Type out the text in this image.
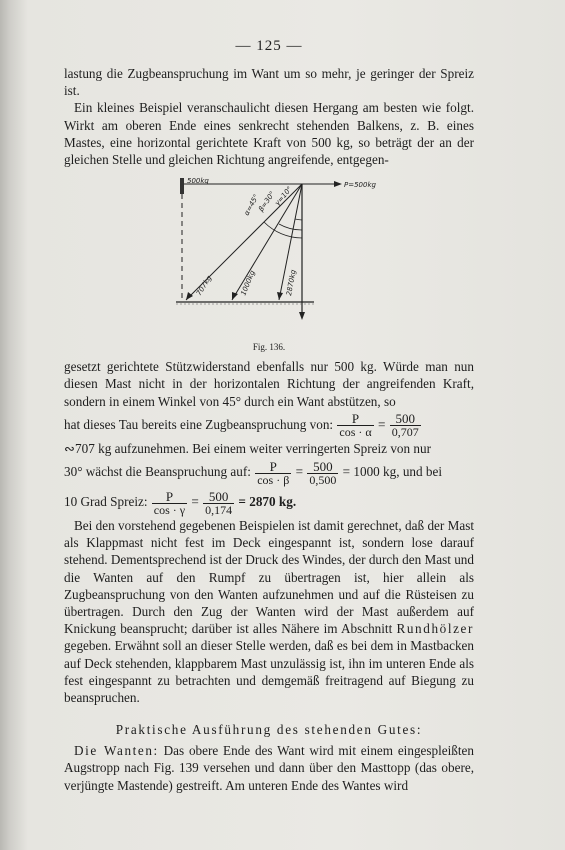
— 125 —

lastung die Zugbeanspruchung im Want um so mehr, je geringer der Spreiz ist.

Ein kleines Beispiel veranschaulicht diesen Hergang am besten wie folgt. Wirkt am oberen Ende eines senkrecht stehenden Balkens, z. B. eines Mastes, eine horizontal gerichtete Kraft von 500 kg, so beträgt der an der gleichen Stelle und gleichen Richtung angreifende, entgegen-

500kg	P=500kg
α=45°
β=30°
γ=10°
707kg	1000kg	2870kg
Fig. 136.

gesetzt gerichtete Stützwiderstand ebenfalls nur 500 kg. Würde man nun diesen Mast nicht in der horizontalen Richtung der angreifenden Kraft, sondern in einem Winkel von 45° durch ein Want abstützen, so

hat dieses Tau bereits eine Zugbeanspruchung von: $\frac{P}{\cos \cdot \alpha} = \frac{500}{0,707}$

∾707 kg aufzunehmen. Bei einem weiter verringerten Spreiz von nur

30° wächst die Beanspruchung auf: $\frac{P}{\cos \cdot \beta} = \frac{500}{0,500} = 1000$ kg, und bei

10 Grad Spreiz: $\frac{P}{\cos \cdot \gamma} = \frac{500}{0,174} = 2870$ kg.

Bei den vorstehend gegebenen Beispielen ist damit gerechnet, daß der Mast als Klappmast nicht fest im Deck eingespannt ist, sondern lose darauf stehend. Dementsprechend ist der Druck des Windes, der durch den Mast und die Wanten auf den Rumpf zu übertragen ist, hier allein als Zugbeanspruchung von den Wanten aufzunehmen und auf die Rüsteisen zu übertragen. Durch den Zug der Wanten wird der Mast außerdem auf Knickung beansprucht; darüber ist alles Nähere im Abschnitt Rundhölzer gegeben. Erwähnt soll an dieser Stelle werden, daß es bei dem in Mastbacken auf Deck stehenden, klappbarem Mast unzulässig ist, ihn im unteren Ende als fest eingespannt zu betrachten und demgemäß freitragend auf Biegung zu beanspruchen.

Praktische Ausführung des stehenden Gutes:

Die Wanten: Das obere Ende des Want wird mit einem eingespleißten Augstropp nach Fig. 139 versehen und dann über den Masttopp (das obere, verjüngte Mastende) gestreift. Am unteren Ende des Wantes wird
